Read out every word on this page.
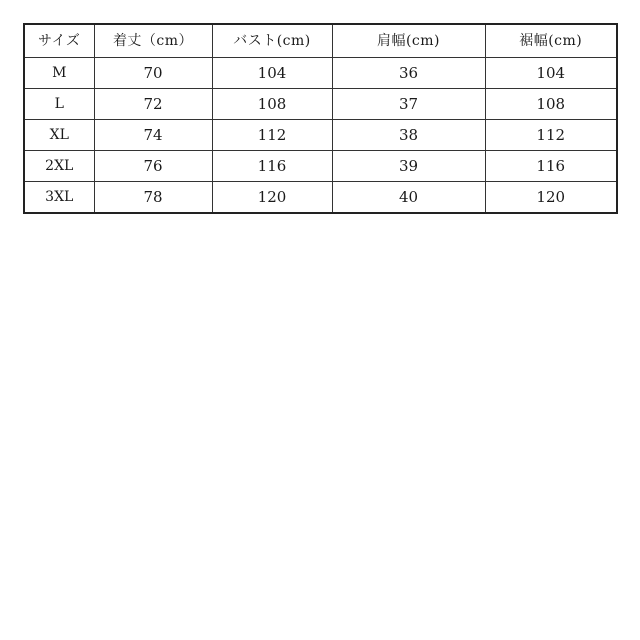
サイズ	着丈（cm）	バスト(cm)	肩幅(cm)	裾幅(cm)
M	70	104	36	104
L	72	108	37	108
XL	74	112	38	112
2XL	76	116	39	116
3XL	78	120	40	120
